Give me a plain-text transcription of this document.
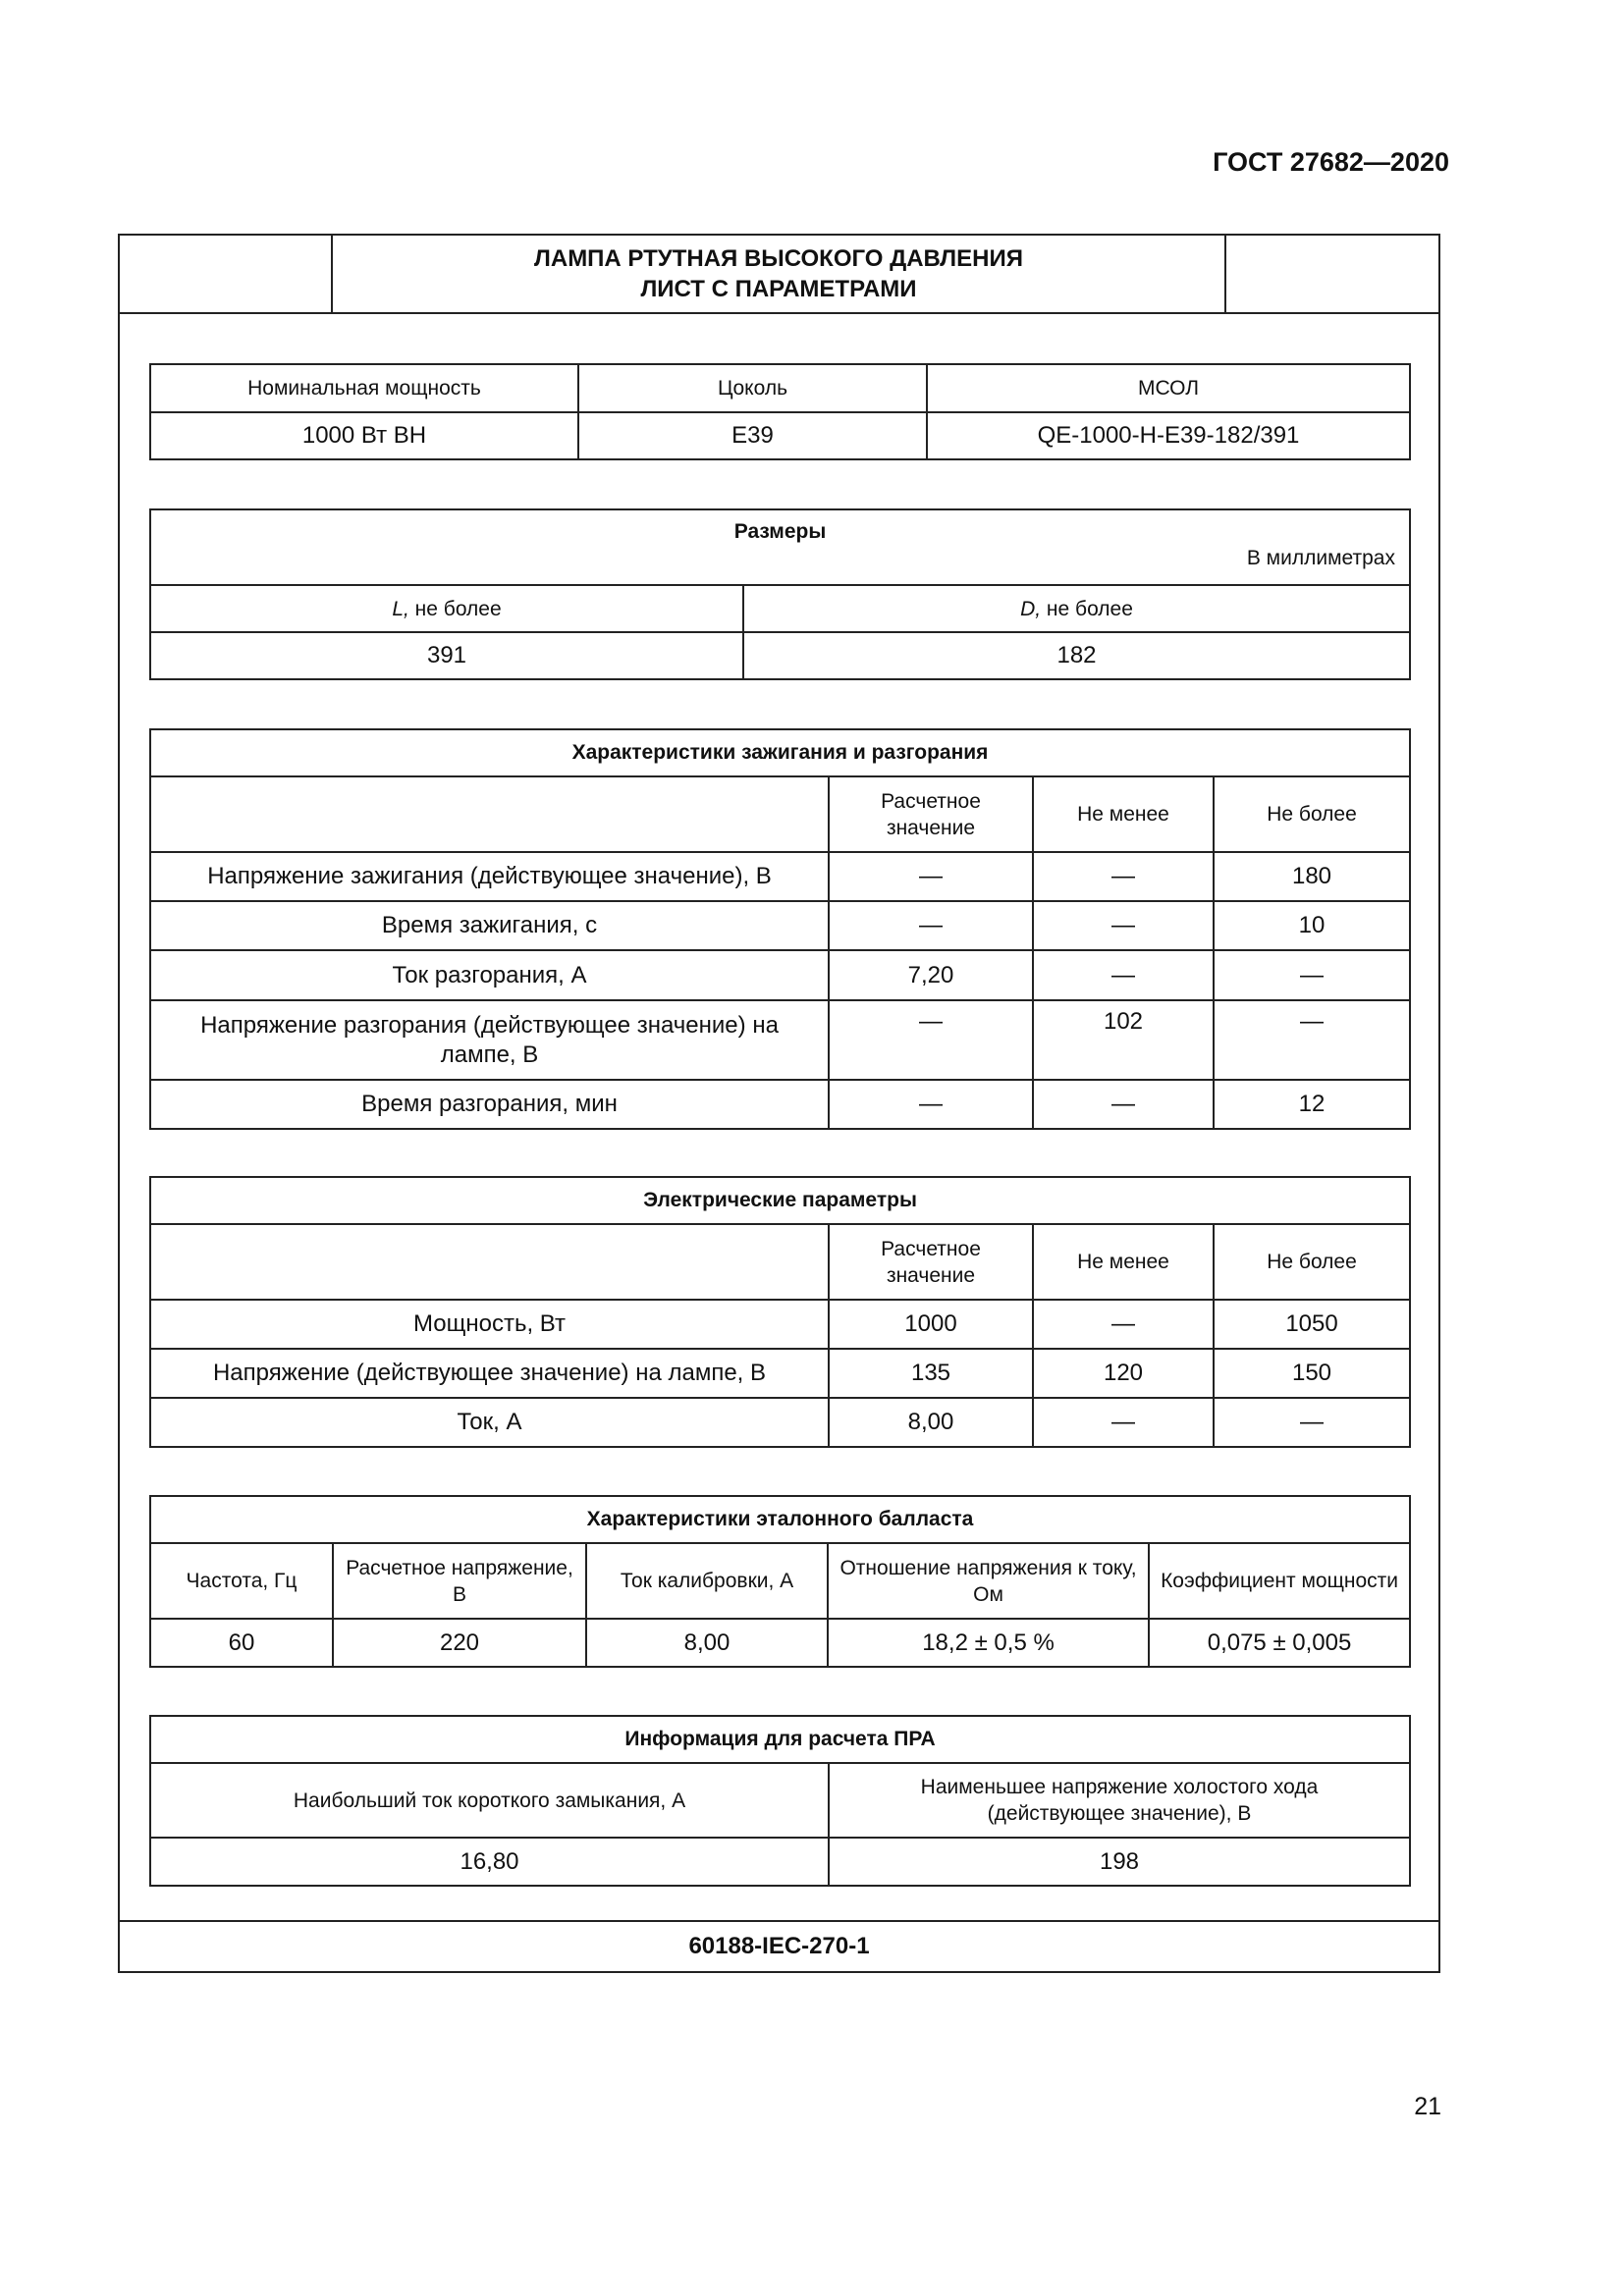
ГОСТ 27682—2020
ЛАМПА РТУТНАЯ ВЫСОКОГО ДАВЛЕНИЯ
ЛИСТ С ПАРАМЕТРАМИ
60188-IEC-270-1
Номинальная мощность	Цоколь	МСОЛ
1000 Вт ВН	E39	QE-1000-H-E39-182/391
Размеры
В миллиметрах	

L, не более	D, не более
391	182
Характеристики зажигания и разгорания			
	Расчетное значение	Не менее	Не более
Напряжение зажигания (действующее значение), В	—	—	180
Время зажигания, с	—	—	10
Ток разгорания, А	7,20	—	—
Напряжение разгорания (действующее значение) на лампе, В	—	102	—
Время разгорания, мин	—	—	12
Электрические параметры			
	Расчетное значение	Не менее	Не более
Мощность, Вт	1000	—	1050
Напряжение (действующее значение) на лампе, В	135	120	150
Ток, А	8,00	—	—
Характеристики эталонного балласта				
Частота, Гц	Расчетное напряжение, В	Ток калибровки, А	Отношение напряжения к току, Ом	Коэффициент мощности
60	220	8,00	18,2 ± 0,5 %	0,075 ± 0,005
Информация для расчета ПРА	
Наибольший ток короткого замыкания, А	Наименьшее напряжение холостого хода (действующее значение), В
16,80	198
21
